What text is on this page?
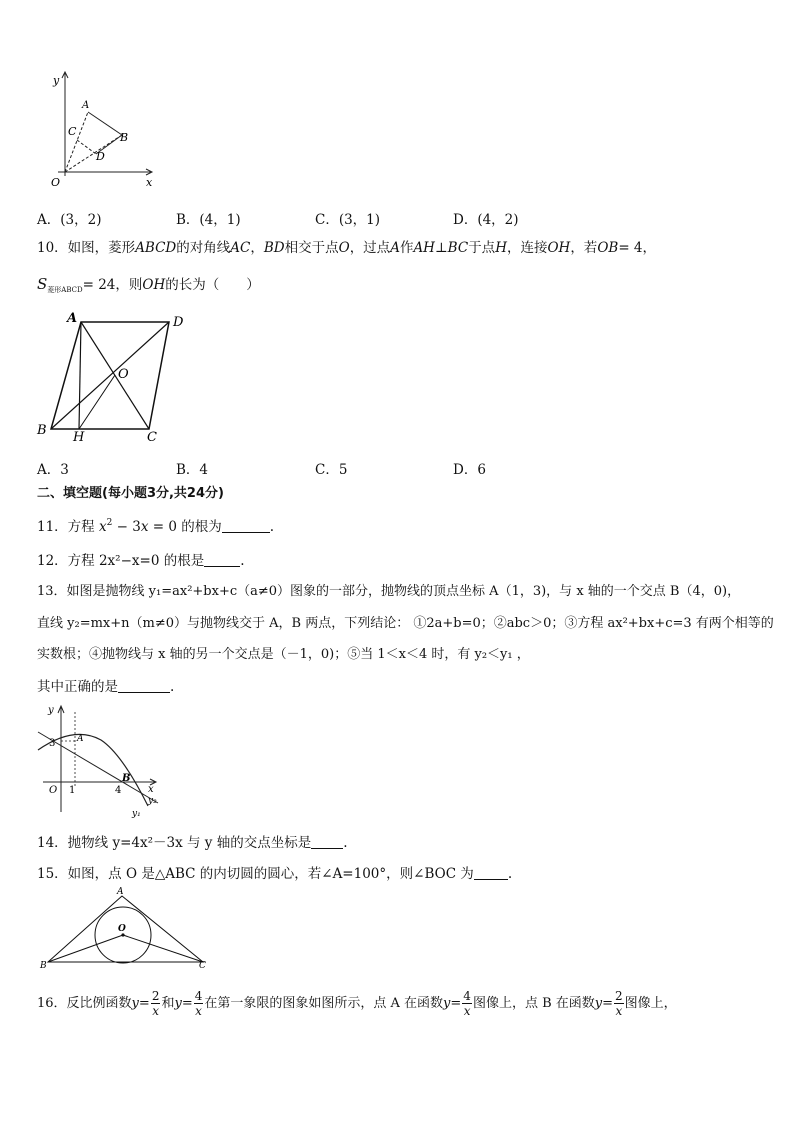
y
x
O
A
B
C
D
A．(3，2)	B．(4，1)	C．(3，1)	D．(4，2)
10．如图，菱形ABCD的对角线AC，BD相交于点O，过点A作AH⊥BC于点H，连接OH，若OB= 4，
$S_{菱形ABCD}= 24$，则OH的长为（　　）
A	D
O
B H	C
A．3	B．4	C．5	D．6
二、填空题(每小题3分,共24分)
11．方程 $x^2 - 3x = 0$ 的根为	.
12．方程 2x²−x=0 的根是	.
13．如图是抛物线 y₁=ax²+bx+c（a≠0）图象的一部分，抛物线的顶点坐标 A（1，3)，与 x 轴的一个交点 B（4，0)，
直线 y₂=mx+n（m≠0）与抛物线交于 A，B 两点，下列结论： ①2a+b=0；②abc＞0；③方程 ax²+bx+c=3 有两个相等的
实数根；④抛物线与 x 轴的另一个交点是（－1，0)；⑤当 1＜x＜4 时，有 y₂＜y₁ ，
其中正确的是	.
y
x
O 1	4
3 A
B
y₂
y₁
14．抛物线 y=4x²－3x 与 y 轴的交点坐标是 .
15．如图，点 O 是△ABC 的内切圆的圆心，若∠A=100°，则∠BOC 为	.
A
O
B	C
16．反比例函数$y= \frac{2}{x}$ 和$y= \frac{4}{x}$ 在第一象限的图象如图所示，点 A 在函数$y= \frac{4}{x}$ 图像上，点 B 在函数$y= \frac{2}{x}$ 图像上，
